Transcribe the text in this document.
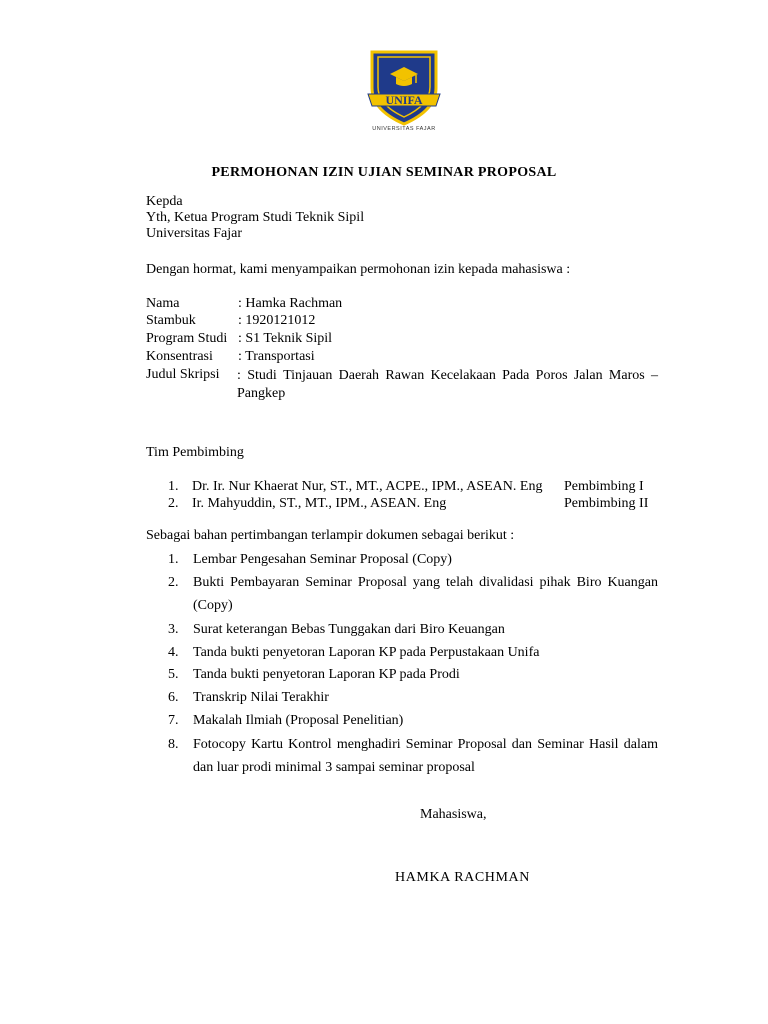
UNIFA
UNIVERSITAS FAJAR
PERMOHONAN IZIN UJIAN SEMINAR PROPOSAL
Kepda
Yth, Ketua Program Studi Teknik Sipil
Universitas Fajar
Dengan hormat, kami menyampaikan permohonan izin kepada mahasiswa :
Nama	: Hamka Rachman
Stambuk	: 1920121012
Program Studi : S1 Teknik Sipil
Konsentrasi : Transportasi
Judul Skripsi : Studi Tinjauan Daerah Rawan Kecelakaan Pada Poros Jalan Maros –
Pangkep
Tim Pembimbing
1. Dr. Ir. Nur Khaerat Nur, ST., MT., ACPE., IPM., ASEAN. Eng Pembimbing I
2. Ir. Mahyuddin, ST., MT., IPM., ASEAN. Eng	Pembimbing II
Sebagai bahan pertimbangan terlampir dokumen sebagai berikut :
1. Lembar Pengesahan Seminar Proposal (Copy)
2. Bukti Pembayaran Seminar Proposal yang telah divalidasi pihak Biro Kuangan
(Copy)
3. Surat keterangan Bebas Tunggakan dari Biro Keuangan
4. Tanda bukti penyetoran Laporan KP pada Perpustakaan Unifa
5. Tanda bukti penyetoran Laporan KP pada Prodi
6. Transkrip Nilai Terakhir
7. Makalah Ilmiah (Proposal Penelitian)
8. Fotocopy Kartu Kontrol menghadiri Seminar Proposal dan Seminar Hasil dalam
dan luar prodi minimal 3 sampai seminar proposal
Mahasiswa,
HAMKA RACHMAN
